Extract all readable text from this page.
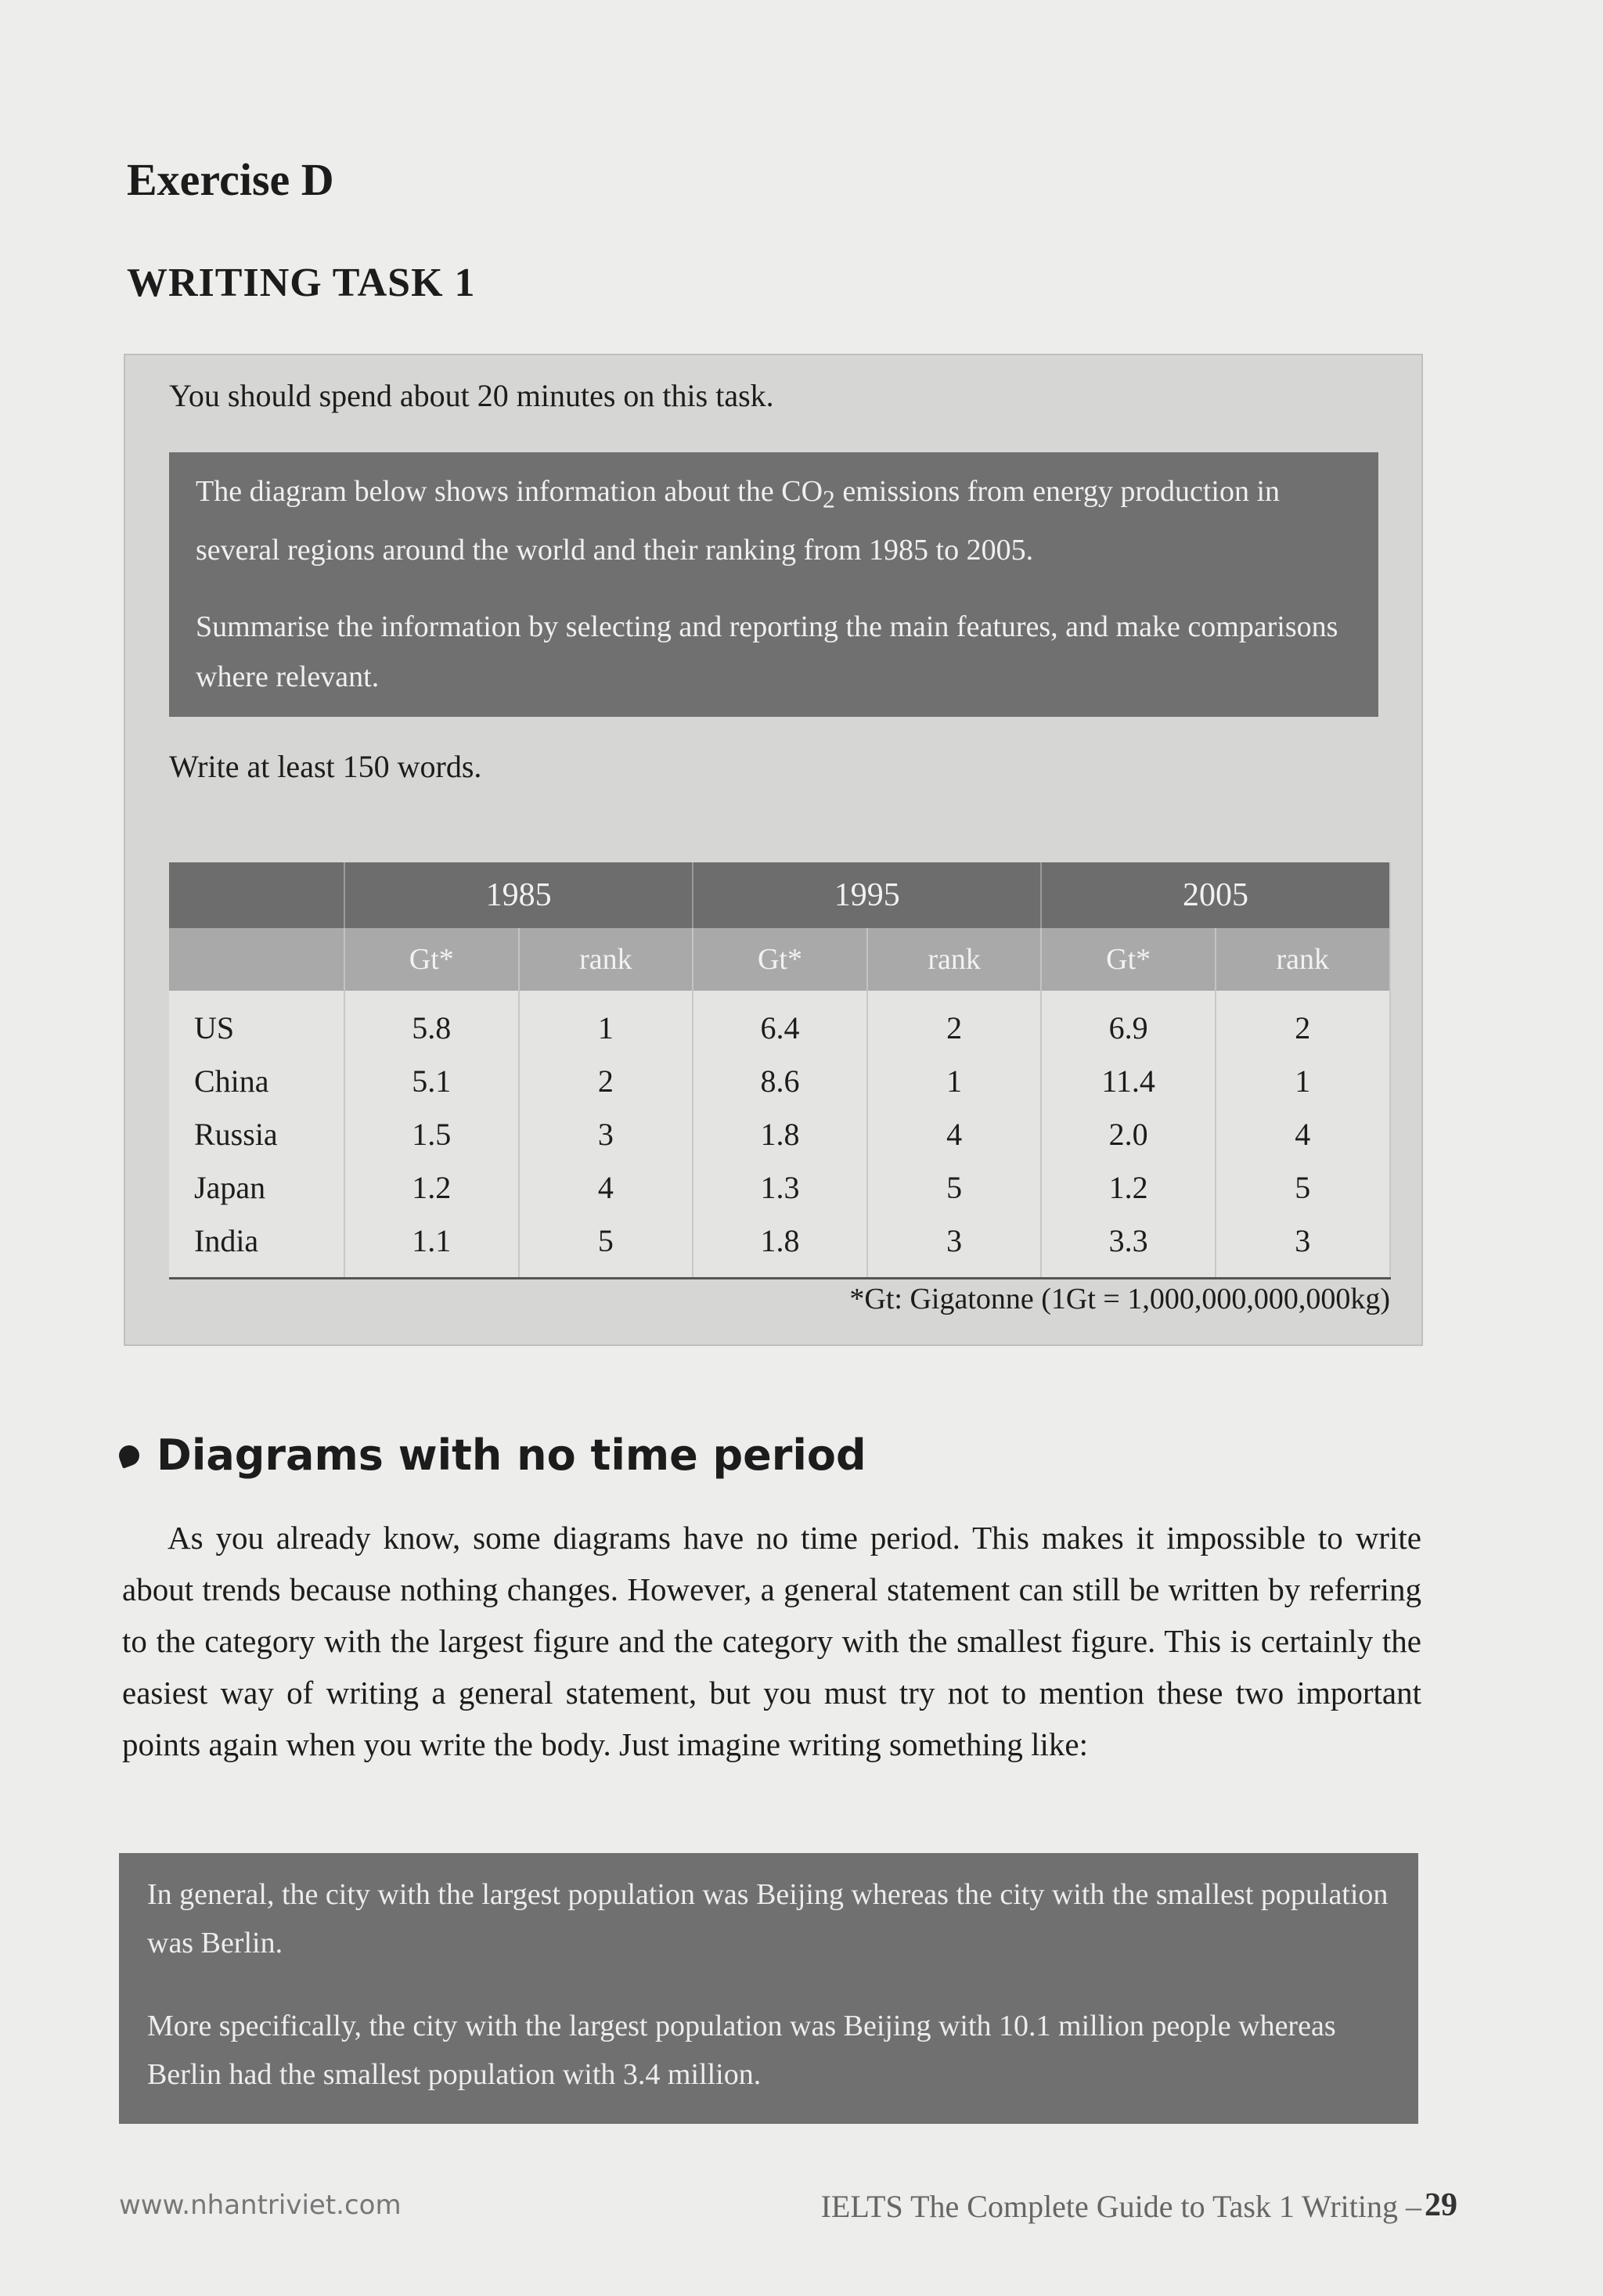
Exercise D
WRITING TASK 1

You should spend about 20 minutes on this task.

The diagram below shows information about the $CO_2$ emissions from energy production in several regions around the world and their ranking from 1985 to 2005.

Summarise the information by selecting and reporting the main features, and make comparisons where relevant.

Write at least 150 words.

	1985		1995		2005	
	Gt*	rank	Gt*	rank	Gt*	rank
US	5.8	1	6.4	2	6.9	2
China	5.1	2	8.6	1	11.4	1
Russia	1.5	3	1.8	4	2.0	4
Japan	1.2	4	1.3	5	1.2	5
India	1.1	5	1.8	3	3.3	3

*Gt: Gigatonne (1Gt = 1,000,000,000,000kg)

Diagrams with no time period

As you already know, some diagrams have no time period. This makes it impossible to write about trends because nothing changes. However, a general statement can still be written by referring to the category with the largest figure and the category with the smallest figure. This is certainly the easiest way of writing a general statement, but you must try not to mention these two important points again when you write the body. Just imagine writing something like:

In general, the city with the largest population was Beijing whereas the city with the smallest population was Berlin.

More specifically, the city with the largest population was Beijing with 10.1 million people whereas Berlin had the smallest population with 3.4 million.

www.nhantriviet.com	IELTS The Complete Guide to Task 1 Writing – 29
